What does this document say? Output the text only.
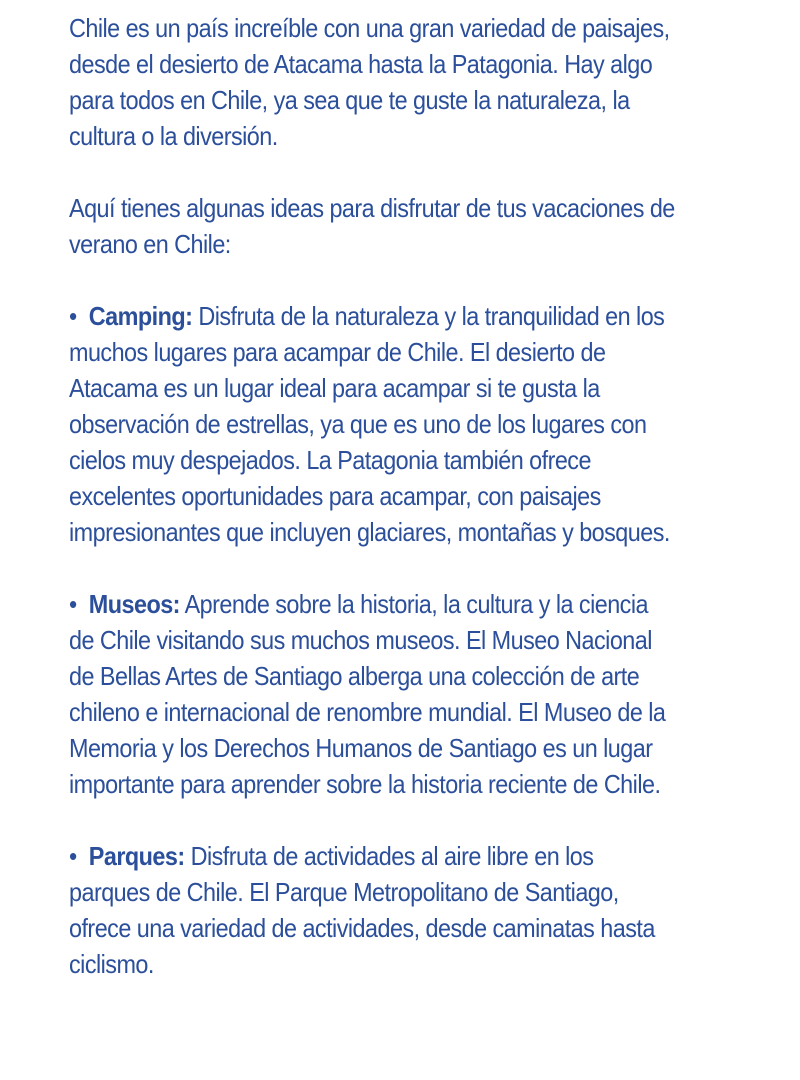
Chile es un país increíble con una gran variedad de paisajes, desde el desierto de Atacama hasta la Patagonia. Hay algo para todos en Chile, ya sea que te guste la naturaleza, la cultura o la diversión.

Aquí tienes algunas ideas para disfrutar de tus vacaciones de verano en Chile:

• Camping: Disfruta de la naturaleza y la tranquilidad en los muchos lugares para acampar de Chile. El desierto de Atacama es un lugar ideal para acampar si te gusta la observación de estrellas, ya que es uno de los lugares con cielos muy despejados. La Patagonia también ofrece excelentes oportunidades para acampar, con paisajes impresionantes que incluyen glaciares, montañas y bosques.
• Museos: Aprende sobre la historia, la cultura y la ciencia de Chile visitando sus muchos museos. El Museo Nacional de Bellas Artes de Santiago alberga una colección de arte chileno e internacional de renombre mundial. El Museo de la Memoria y los Derechos Humanos de Santiago es un lugar importante para aprender sobre la historia reciente de Chile.
• Parques: Disfruta de actividades al aire libre en los parques de Chile. El Parque Metropolitano de Santiago, ofrece una variedad de actividades, desde caminatas hasta ciclismo.
